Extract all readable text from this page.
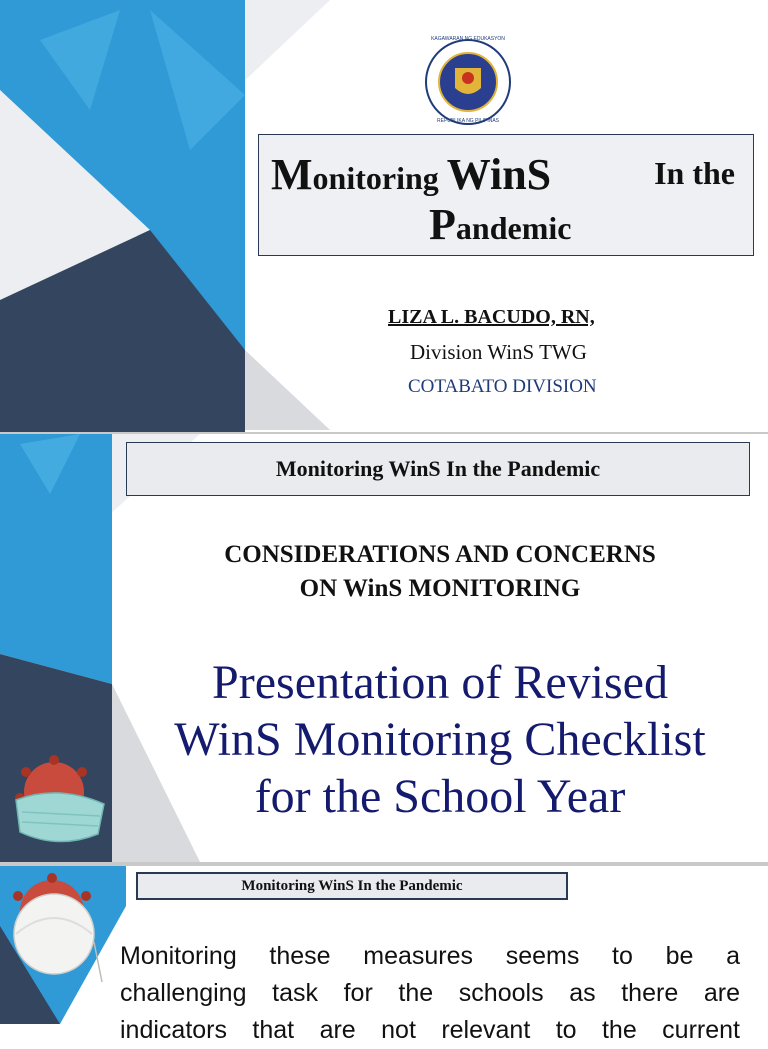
KAGAWARAN NG EDUKASYON
REPUBLIKA NG PILIPINAS
Monitoring WinS	In the
Pandemic
LIZA L. BACUDO, RN,
Division WinS TWG
COTABATO DIVISION
Monitoring WinS In the Pandemic
CONSIDERATIONS AND CONCERNS
ON WinS MONITORING
Presentation of Revised
WinS Monitoring Checklist
for the School Year
Monitoring WinS In the Pandemic
Monitoring these measures seems to be a
challenging task for the schools as there are
indicators that are not relevant to the current
